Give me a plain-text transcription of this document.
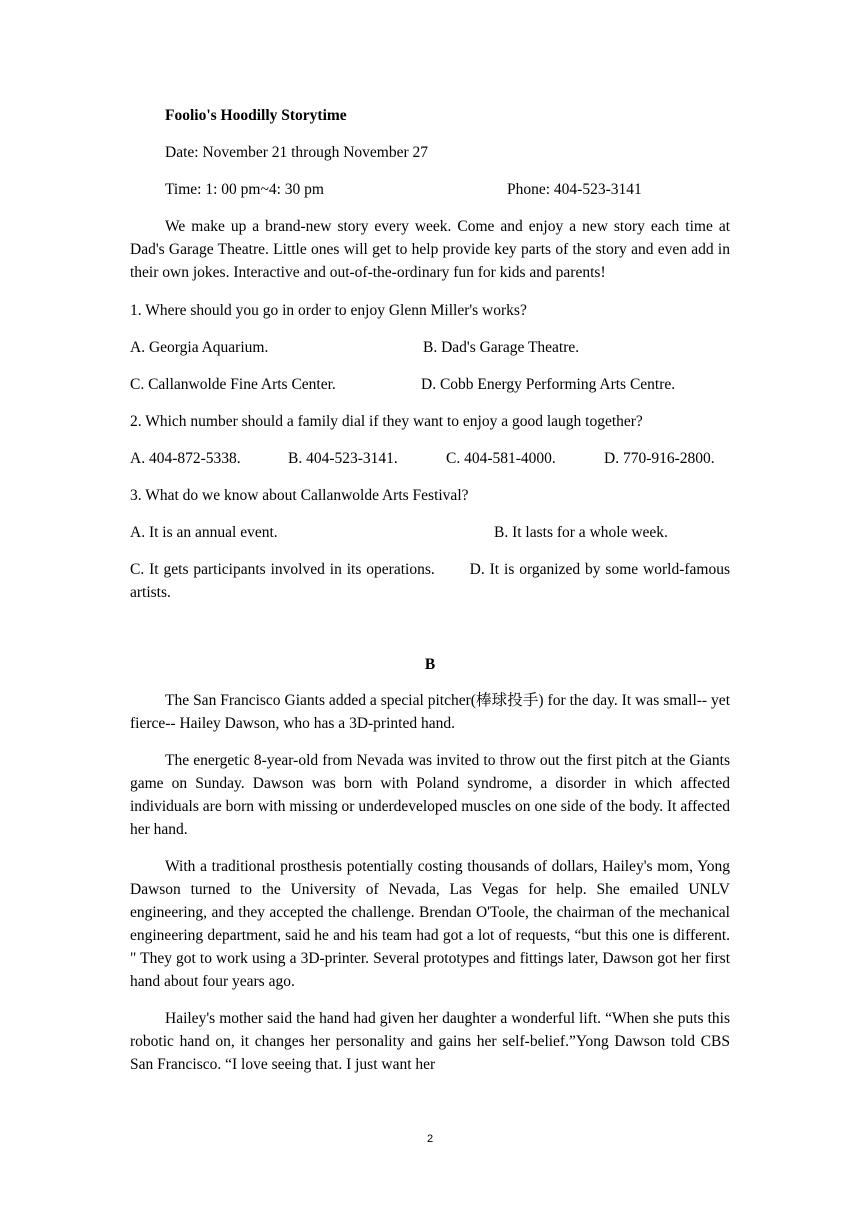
Foolio's Hoodilly Storytime

Date: November 21 through November 27

Time: 1: 00 pm~4: 30 pm	Phone: 404-523-3141

We make up a brand-new story every week. Come and enjoy a new story each time at Dad's Garage Theatre. Little ones will get to help provide key parts of the story and even add in their own jokes. Interactive and out-of-the-ordinary fun for kids and parents!

1. Where should you go in order to enjoy Glenn Miller's works?

A. Georgia Aquarium.	B. Dad's Garage Theatre.

C. Callanwolde Fine Arts Center.	D. Cobb Energy Performing Arts Centre.

2. Which number should a family dial if they want to enjoy a good laugh together?

A. 404-872-5338.	B. 404-523-3141.	C. 404-581-4000.	D. 770-916-2800.

3. What do we know about Callanwolde Arts Festival?

A. It is an annual event.	B. It lasts for a whole week.

C. It gets participants involved in its operations. D. It is organized by some world-famous artists.

B

The San Francisco Giants added a special pitcher(棒球投手) for the day. It was small-- yet fierce-- Hailey Dawson, who has a 3D-printed hand.

The energetic 8-year-old from Nevada was invited to throw out the first pitch at the Giants game on Sunday. Dawson was born with Poland syndrome, a disorder in which affected individuals are born with missing or underdeveloped muscles on one side of the body. It affected her hand.

With a traditional prosthesis potentially costing thousands of dollars, Hailey's mom, Yong Dawson turned to the University of Nevada, Las Vegas for help. She emailed UNLV engineering, and they accepted the challenge. Brendan O'Toole, the chairman of the mechanical engineering department, said he and his team had got a lot of requests, “but this one is different. " They got to work using a 3D-printer. Several prototypes and fittings later, Dawson got her first hand about four years ago.

Hailey's mother said the hand had given her daughter a wonderful lift. “When she puts this robotic hand on, it changes her personality and gains her self-belief.”Yong Dawson told CBS San Francisco. “I love seeing that. I just want her

2
